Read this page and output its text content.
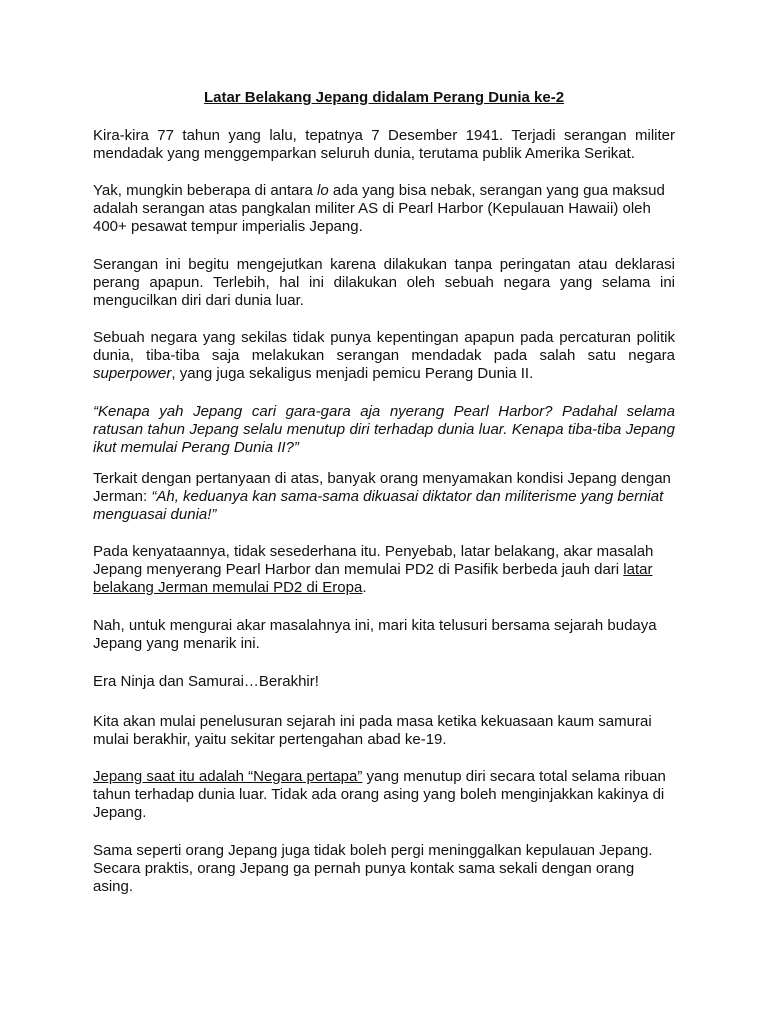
Latar Belakang Jepang didalam Perang Dunia ke-2

Kira-kira 77 tahun yang lalu, tepatnya 7 Desember 1941. Terjadi serangan militer mendadak yang menggemparkan seluruh dunia, terutama publik Amerika Serikat.

Yak, mungkin beberapa di antara lo ada yang bisa nebak, serangan yang gua maksud adalah serangan atas pangkalan militer AS di Pearl Harbor (Kepulauan Hawaii) oleh 400+ pesawat tempur imperialis Jepang.

Serangan ini begitu mengejutkan karena dilakukan tanpa peringatan atau deklarasi perang apapun. Terlebih, hal ini dilakukan oleh sebuah negara yang selama ini mengucilkan diri dari dunia luar.

Sebuah negara yang sekilas tidak punya kepentingan apapun pada percaturan politik dunia, tiba-tiba saja melakukan serangan mendadak pada salah satu negara superpower, yang juga sekaligus menjadi pemicu Perang Dunia II.

“Kenapa yah Jepang cari gara-gara aja nyerang Pearl Harbor? Padahal selama ratusan tahun Jepang selalu menutup diri terhadap dunia luar. Kenapa tiba-tiba Jepang ikut memulai Perang Dunia II?”

Terkait dengan pertanyaan di atas, banyak orang menyamakan kondisi Jepang dengan Jerman: “Ah, keduanya kan sama-sama dikuasai diktator dan militerisme yang berniat menguasai dunia!”

Pada kenyataannya, tidak sesederhana itu. Penyebab, latar belakang, akar masalah Jepang menyerang Pearl Harbor dan memulai PD2 di Pasifik berbeda jauh dari latar belakang Jerman memulai PD2 di Eropa.

Nah, untuk mengurai akar masalahnya ini, mari kita telusuri bersama sejarah budaya Jepang yang menarik ini.

Era Ninja dan Samurai…Berakhir!

Kita akan mulai penelusuran sejarah ini pada masa ketika kekuasaan kaum samurai mulai berakhir, yaitu sekitar pertengahan abad ke-19.

Jepang saat itu adalah “Negara pertapa” yang menutup diri secara total selama ribuan tahun terhadap dunia luar. Tidak ada orang asing yang boleh menginjakkan kakinya di Jepang.

Sama seperti orang Jepang juga tidak boleh pergi meninggalkan kepulauan Jepang. Secara praktis, orang Jepang ga pernah punya kontak sama sekali dengan orang asing.
